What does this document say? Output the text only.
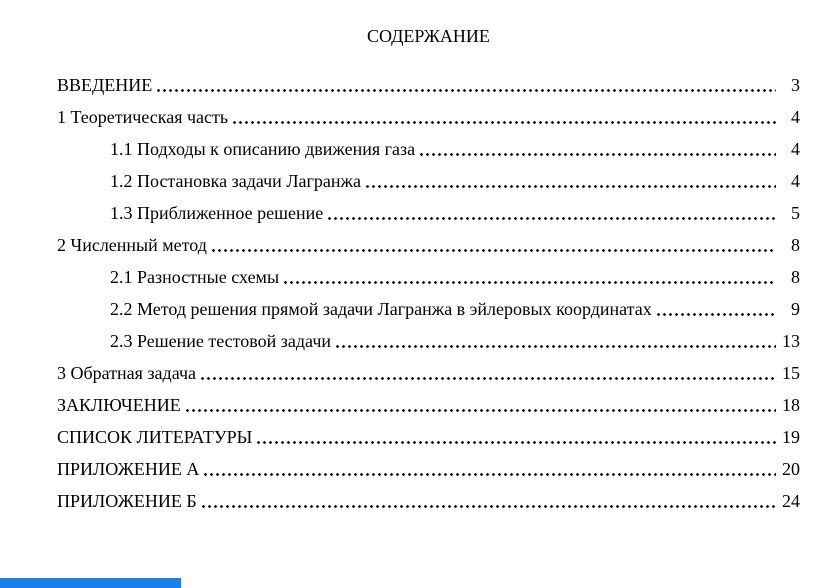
СОДЕРЖАНИЕ
ВВЕДЕНИЕ	3
1 Теоретическая часть	4
1.1 Подходы к описанию движения газа	4
1.2 Постановка задачи Лагранжа	4
1.3 Приближенное решение	5
2 Численный метод	8
2.1 Разностные схемы	8
2.2 Метод решения прямой задачи Лагранжа в эйлеровых координатах	9
2.3 Решение тестовой задачи	13
3 Обратная задача	15
ЗАКЛЮЧЕНИЕ	18
СПИСОК ЛИТЕРАТУРЫ	19
ПРИЛОЖЕНИЕ А	20
ПРИЛОЖЕНИЕ Б	24
